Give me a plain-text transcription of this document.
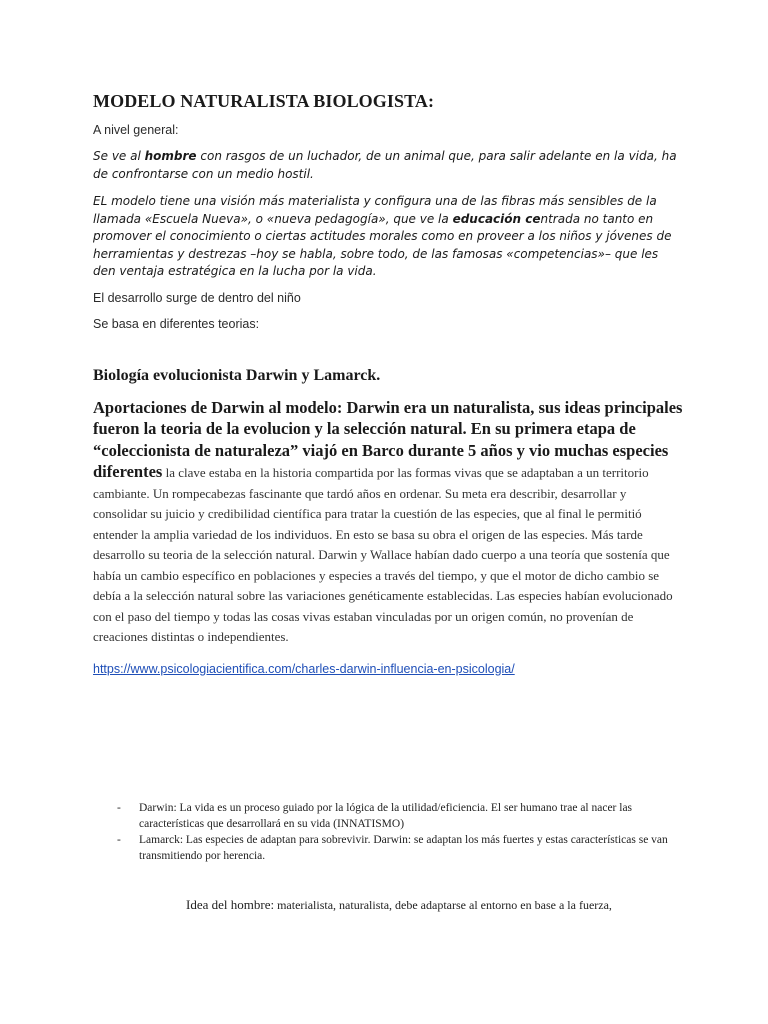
MODELO NATURALISTA BIOLOGISTA:

A nivel general:

Se ve al hombre con rasgos de un luchador, de un animal que, para salir adelante en la vida, ha de confrontarse con un medio hostil.

EL modelo tiene una visión más materialista y configura una de las fibras más sensibles de la llamada «Escuela Nueva», o «nueva pedagogía», que ve la educación centrada no tanto en promover el conocimiento o ciertas actitudes morales como en proveer a los niños y jóvenes de herramientas y destrezas –hoy se habla, sobre todo, de las famosas «competencias»– que les den ventaja estratégica en la lucha por la vida.

El desarrollo surge de dentro del niño

Se basa en diferentes teorias:

Biología evolucionista Darwin y Lamarck.

Aportaciones de Darwin al modelo: Darwin era un naturalista, sus ideas principales fueron la teoria de la evolucion y la selección natural. En su primera etapa de “coleccionista de naturaleza” viajó en Barco durante 5 años y vio muchas especies diferentes la clave estaba en la historia compartida por las formas vivas que se adaptaban a un territorio cambiante. Un rompecabezas fascinante que tardó años en ordenar. Su meta era describir, desarrollar y consolidar su juicio y credibilidad científica para tratar la cuestión de las especies, que al final le permitió entender la amplia variedad de los individuos. En esto se basa su obra el origen de las especies. Más tarde desarrollo su teoria de la selección natural. Darwin y Wallace habían dado cuerpo a una teoría que sostenía que había un cambio específico en poblaciones y especies a través del tiempo, y que el motor de dicho cambio se debía a la selección natural sobre las variaciones genéticamente establecidas. Las especies habían evolucionado con el paso del tiempo y todas las cosas vivas estaban vinculadas por un origen común, no provenían de creaciones distintas o independientes.

https://www.psicologiacientifica.com/charles-darwin-influencia-en-psicologia/
- Darwin: La vida es un proceso guiado por la lógica de la utilidad/eficiencia. El ser humano trae al nacer las características que desarrollará en su vida (INNATISMO)
- Lamarck: Las especies de adaptan para sobrevivir. Darwin: se adaptan los más fuertes y estas características se van transmitiendo por herencia.

Idea del hombre: materialista, naturalista, debe adaptarse al entorno en base a la fuerza,
